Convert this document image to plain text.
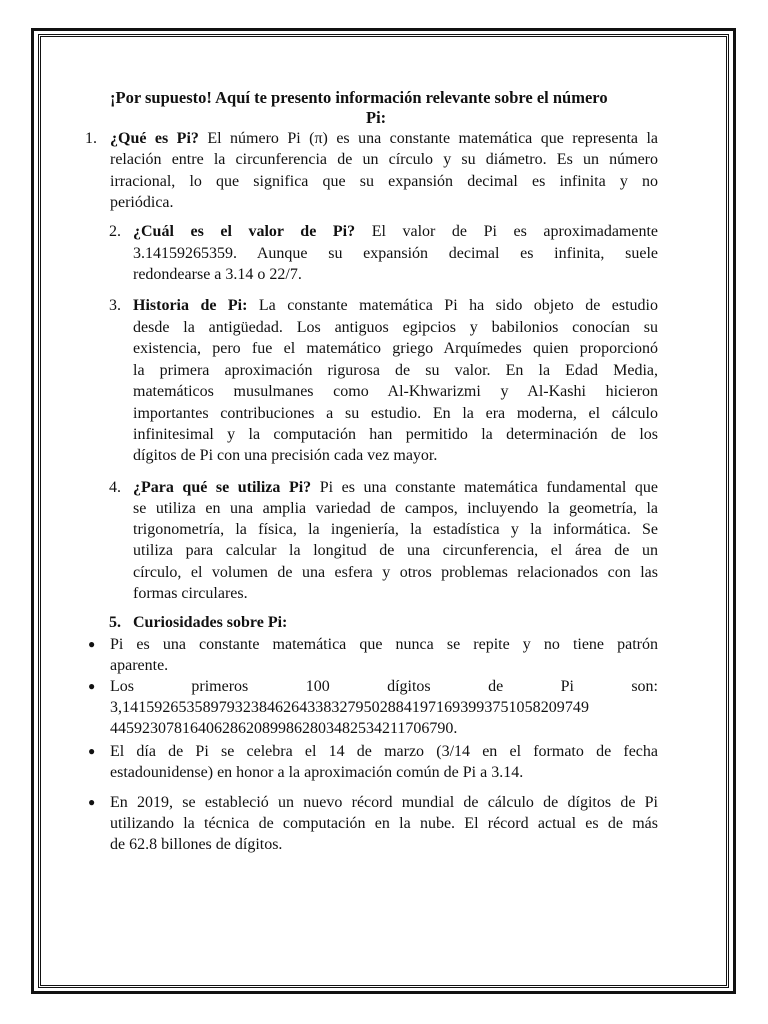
¡Por supuesto! Aquí te presento información relevante sobre el número
Pi:
1. ¿Qué es Pi? El número Pi (π) es una constante matemática que representa la
relación entre la circunferencia de un círculo y su diámetro. Es un número
irracional, lo que significa que su expansión decimal es infinita y no
periódica.
2. ¿Cuál es el valor de Pi? El valor de Pi es aproximadamente
3.14159265359. Aunque su expansión decimal es infinita, suele
redondearse a 3.14 o 22/7.
3. Historia de Pi: La constante matemática Pi ha sido objeto de estudio
desde la antigüedad. Los antiguos egipcios y babilonios conocían su
existencia, pero fue el matemático griego Arquímedes quien proporcionó
la primera aproximación rigurosa de su valor. En la Edad Media,
matemáticos musulmanes como Al-Khwarizmi y Al-Kashi hicieron
importantes contribuciones a su estudio. En la era moderna, el cálculo
infinitesimal y la computación han permitido la determinación de los
dígitos de Pi con una precisión cada vez mayor.
4. ¿Para qué se utiliza Pi? Pi es una constante matemática fundamental que
se utiliza en una amplia variedad de campos, incluyendo la geometría, la
trigonometría, la física, la ingeniería, la estadística y la informática. Se
utiliza para calcular la longitud de una circunferencia, el área de un
círculo, el volumen de una esfera y otros problemas relacionados con las
formas circulares.
5. Curiosidades sobre Pi:
● Pi es una constante matemática que nunca se repite y no tiene patrón
aparente.
● Los primeros 100 dígitos de Pi son:
3,1415926535897932384626433832795028841971693993751058209749
4459230781640628620899862803482534211706790.
● El día de Pi se celebra el 14 de marzo (3/14 en el formato de fecha
estadounidense) en honor a la aproximación común de Pi a 3.14.
● En 2019, se estableció un nuevo récord mundial de cálculo de dígitos de Pi
utilizando la técnica de computación en la nube. El récord actual es de más
de 62.8 billones de dígitos.
